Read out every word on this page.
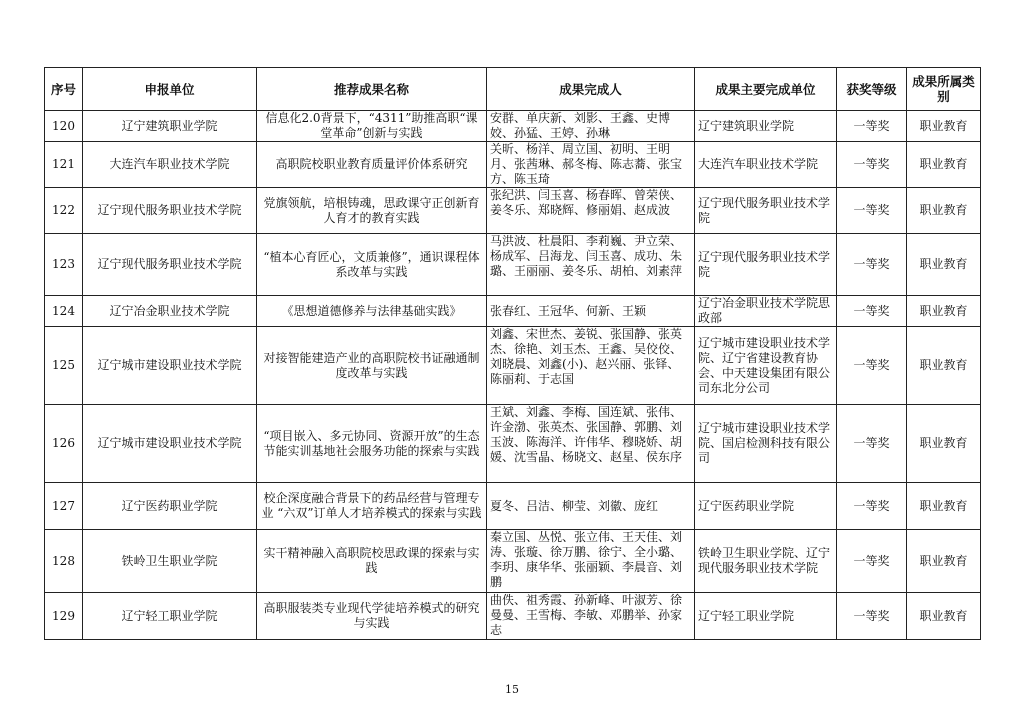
序号	申报单位	推荐成果名称	成果完成人	成果主要完成单位	获奖等级	成果所属类别
120	辽宁建筑职业学院	信息化2.0背景下，“4311”助推高职“课堂革命”创新与实践	安群、单庆新、刘影、王鑫、史博姣、孙猛、王婷、孙琳	辽宁建筑职业学院	一等奖	职业教育
121	大连汽车职业技术学院	高职院校职业教育质量评价体系研究	关昕、杨洋、周立国、初明、王明月、张茜琳、郝冬梅、陈志蕎、张宝方、陈玉琦	大连汽车职业技术学院	一等奖	职业教育
122	辽宁现代服务职业技术学院	党旗领航，培根铸魂，思政课守正创新育人育才的教育实践	张纪洪、闫玉喜、杨春晖、曾荣侠、姜冬乐、郑晓辉、修丽娟、赵成波	辽宁现代服务职业技术学院	一等奖	职业教育
123	辽宁现代服务职业技术学院	“植本心育匠心，文质兼修”，通识课程体系改革与实践	马洪波、杜晨阳、李莉巍、尹立荣、杨成军、吕海龙、闫玉喜、成功、朱璐、王丽丽、姜冬乐、胡柏、刘素萍	辽宁现代服务职业技术学院	一等奖	职业教育
124	辽宁冶金职业技术学院	《思想道德修养与法律基础实践》	张春红、王冠华、何新、王颖	辽宁冶金职业技术学院思政部	一等奖	职业教育
125	辽宁城市建设职业技术学院	对接智能建造产业的高职院校书证融通制度改革与实践	刘鑫、宋世杰、姜锐、张国静、张英杰、徐艳、刘玉杰、王鑫、吴佼佼、刘晓晨、刘鑫(小)、赵兴丽、张铎、陈丽莉、于志国	辽宁城市建设职业技术学院、辽宁省建设教育协会、中天建设集团有限公司东北分公司	一等奖	职业教育
126	辽宁城市建设职业技术学院	“项目嵌入、多元协同、资源开放”的生态节能实训基地社会服务功能的探索与实践	王斌、刘鑫、李梅、国连斌、张伟、许金渤、张英杰、张国静、郭鹏、刘玉波、陈海洋、许伟华、穆晓娇、胡媛、沈雪晶、杨晓文、赵星、侯东序	辽宁城市建设职业技术学院、国启检测科技有限公司	一等奖	职业教育
127	辽宁医药职业学院	校企深度融合背景下的药品经营与管理专业 “六双”订单人才培养模式的探索与实践	夏冬、吕洁、柳莹、刘徽、庞红	辽宁医药职业学院	一等奖	职业教育
128	铁岭卫生职业学院	实干精神融入高职院校思政课的探索与实践	秦立国、丛悦、张立伟、王天佳、刘涛、张璇、徐万鹏、徐宁、全小璐、李玥、康华华、张丽颖、李晨音、刘鹏	铁岭卫生职业学院、辽宁现代服务职业技术学院	一等奖	职业教育
129	辽宁轻工职业学院	高职服装类专业现代学徒培养模式的研究与实践	曲佚、祖秀霞、孙新峰、叶淑芳、徐曼曼、王雪梅、李敏、邓鹏举、孙家志	辽宁轻工职业学院	一等奖	职业教育
15
